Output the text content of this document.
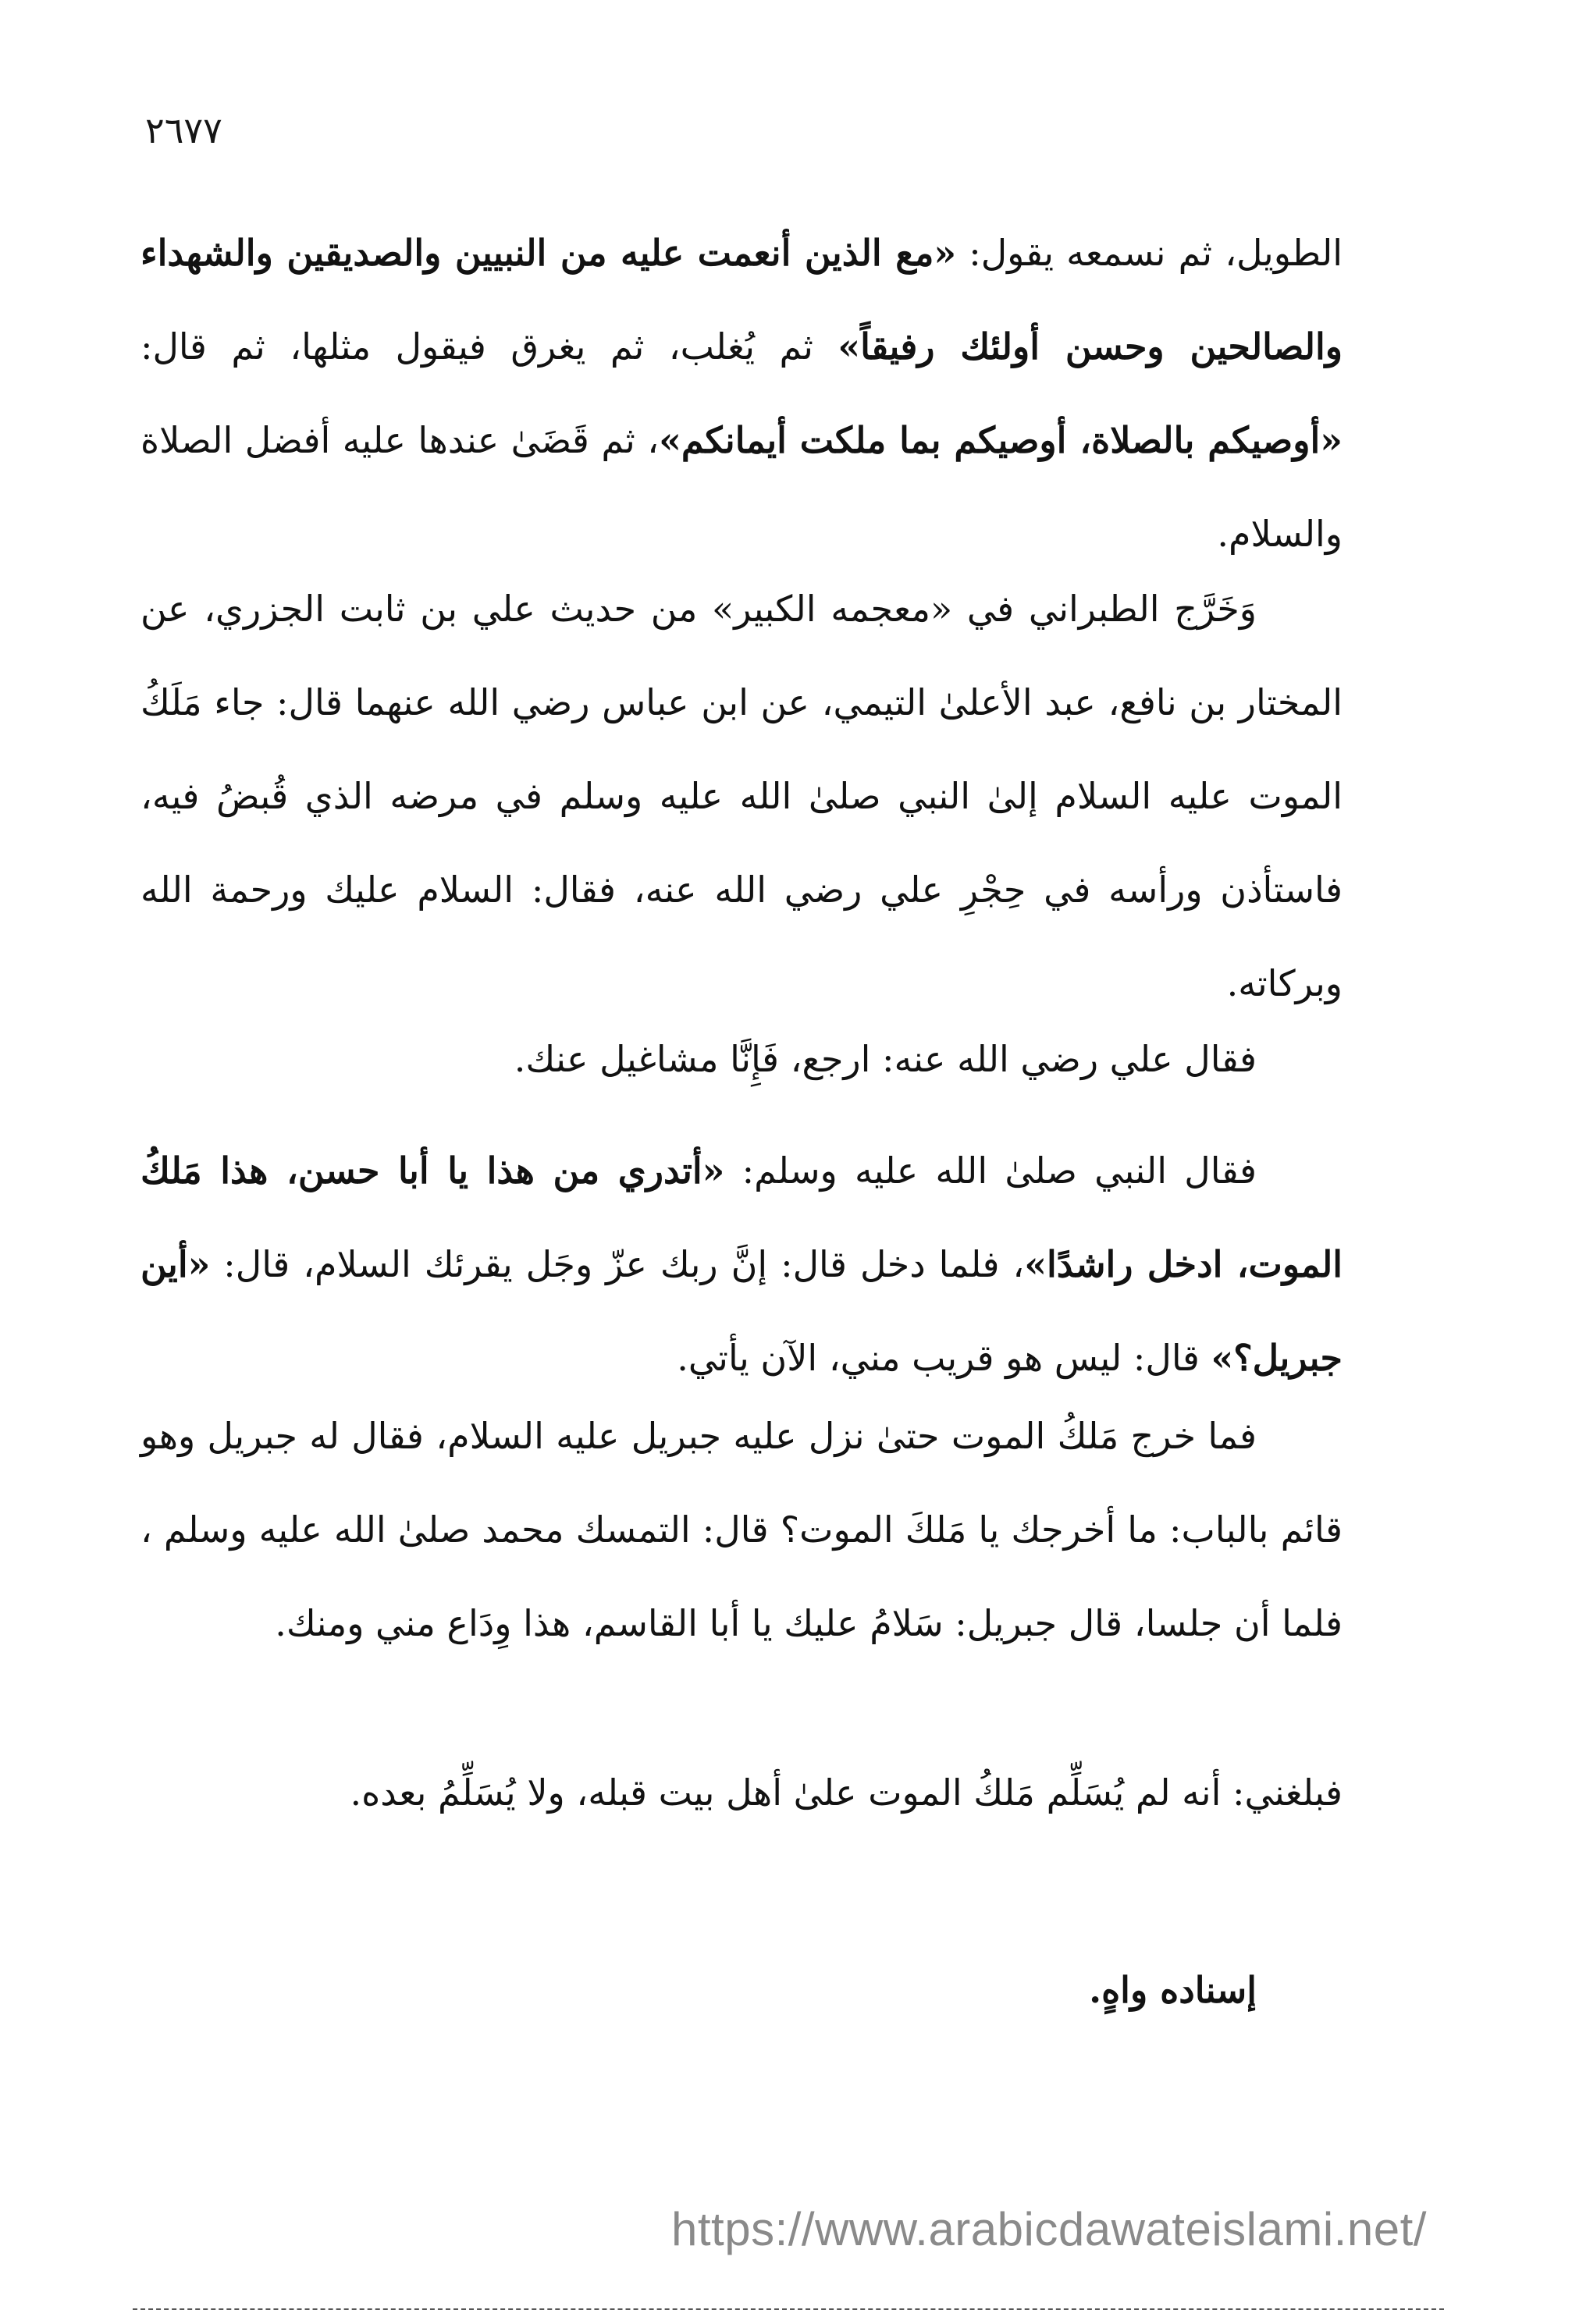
٢٦٧٧

الطويل، ثم نسمعه يقول: «مع الذين أنعمت عليه من النبيين والصديقين والشهداء والصالحين وحسن أولئك رفيقاً» ثم يُغلب، ثم يغرق فيقول مثلها، ثم قال: «أوصيكم بالصلاة، أوصيكم بما ملكت أيمانكم»، ثم قَضَىٰ عندها عليه أفضل الصلاة والسلام.

وَخَرَّج الطبراني في «معجمه الكبير» من حديث علي بن ثابت الجزري، عن المختار بن نافع، عبد الأعلىٰ التيمي، عن ابن عباس رضي الله عنهما قال: جاء مَلَكُ الموت عليه السلام إلىٰ النبي صلىٰ الله عليه وسلم في مرضه الذي قُبضُ فيه، فاستأذن ورأسه في حِجْرِ علي رضي الله عنه، فقال: السلام عليك ورحمة الله وبركاته.

فقال علي رضي الله عنه: ارجع، فَإِنَّا مشاغيل عنك.

فقال النبي صلىٰ الله عليه وسلم: «أتدري من هذا يا أبا حسن، هذا مَلكُ الموت، ادخل راشدًا»، فلما دخل قال: إنَّ ربك عزّ وجَل يقرئك السلام، قال: «أين جبريل؟» قال: ليس هو قريب مني، الآن يأتي.

فما خرج مَلكُ الموت حتىٰ نزل عليه جبريل عليه السلام، فقال له جبريل وهو قائم بالباب: ما أخرجك يا مَلكَ الموت؟ قال: التمسك محمد صلىٰ الله عليه وسلم ، فلما أن جلسا، قال جبريل: سَلامُ عليك يا أبا القاسم، هذا وِدَاع مني ومنك.

فبلغني: أنه لم يُسَلِّم مَلكُ الموت علىٰ أهل بيت قبله، ولا يُسَلِّمُ بعده.

إسناده واهٍ.

https://www.arabicdawateislami.net/
